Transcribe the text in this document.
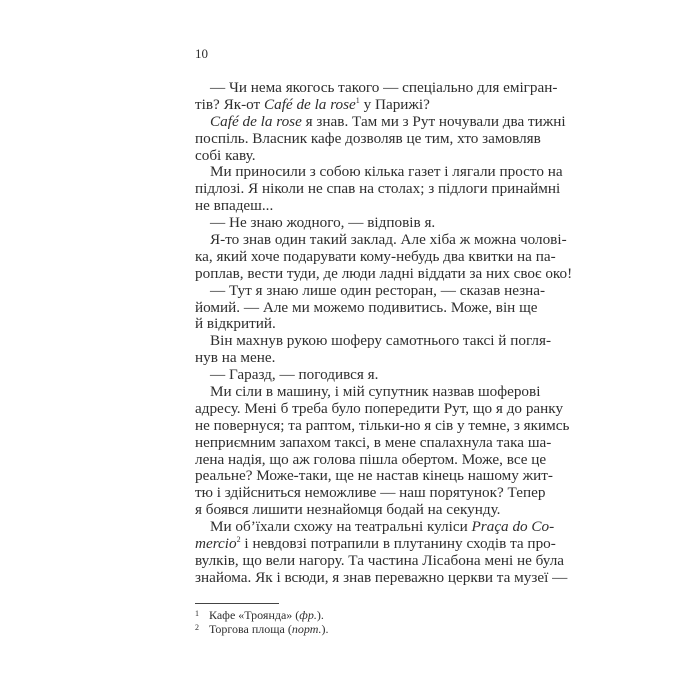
10
— Чи нема якогось такого — спеціально для емігран-
тів? Як-от Café de la rose$^1$ у Парижі?
Café de la rose я знав. Там ми з Рут ночували два тижні
поспіль. Власник кафе дозволяв це тим, хто замовляв
собі каву.
Ми приносили з собою кілька газет і лягали просто на
підлозі. Я ніколи не спав на столах; з підлоги принаймні
не впадеш...
— Не знаю жодного, — відповів я.
Я-то знав один такий заклад. Але хіба ж можна чолові-
ка, який хоче подарувати кому-небудь два квитки на па-
роплав, вести туди, де люди ладні віддати за них своє око!
— Тут я знаю лише один ресторан, — сказав незна-
йомий. — Але ми можемо подивитись. Може, він ще
й відкритий.
Він махнув рукою шоферу самотнього таксі й погля-
нув на мене.
— Гаразд, — погодився я.
Ми сіли в машину, і мій супутник назвав шоферові
адресу. Мені б треба було попередити Рут, що я до ранку
не повернуся; та раптом, тільки-но я сів у темне, з якимсь
неприємним запахом таксі, в мене спалахнула така ша-
лена надія, що аж голова пішла обертом. Може, все це
реальне? Може-таки, ще не настав кінець нашому жит-
тю і здійсниться неможливе — наш порятунок? Тепер
я боявся лишити незнайомця бодай на секунду.
Ми об’їхали схожу на театральні куліси Praça do Co-
mercio$^2$ і невдовзі потрапили в плутанину сходів та про-
вулків, що вели нагору. Та частина Лісабона мені не була
знайома. Як і всюди, я знав переважно церкви та музеї —
1 Кафе «Троянда» (фр.).
2 Торгова площа (порт.).
